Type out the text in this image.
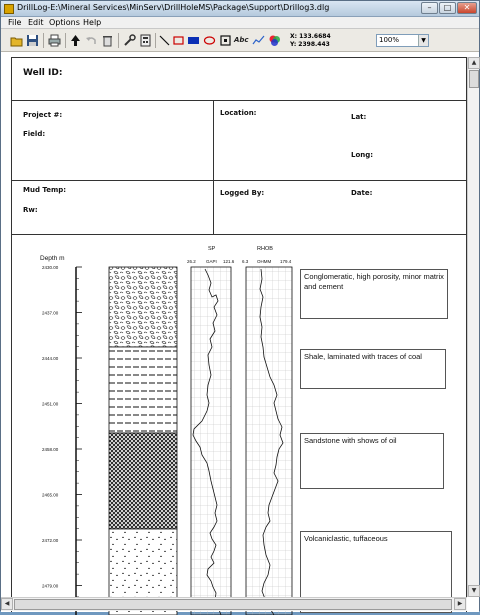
DrillLog-E:\Mineral Services\MinServ\DrillHoleMS\Package\Support\Drillog3.dlg	–	□	✕
File Edit Options Help
Abc	X: 133.6684
Y: 2398.443
100%	▼
Well ID:
Project #:
Field:
Location:	Lat:
Long:
Mud Temp:
Rw:
Logged By:	Date:
Depth m
2430.00
2437.00
2444.00
2451.00
2458.00
2465.00
2472.00
2479.00
SP
26.2 GAPI 121.6
RHOB
6.3 OHMM 179.4
Conglomeratic, high porosity, minor matrix and cement
Shale, laminated with traces of coal
Sandstone with shows of oil
Volcaniclastic, tuffaceous
▲
▼
◀	▶
